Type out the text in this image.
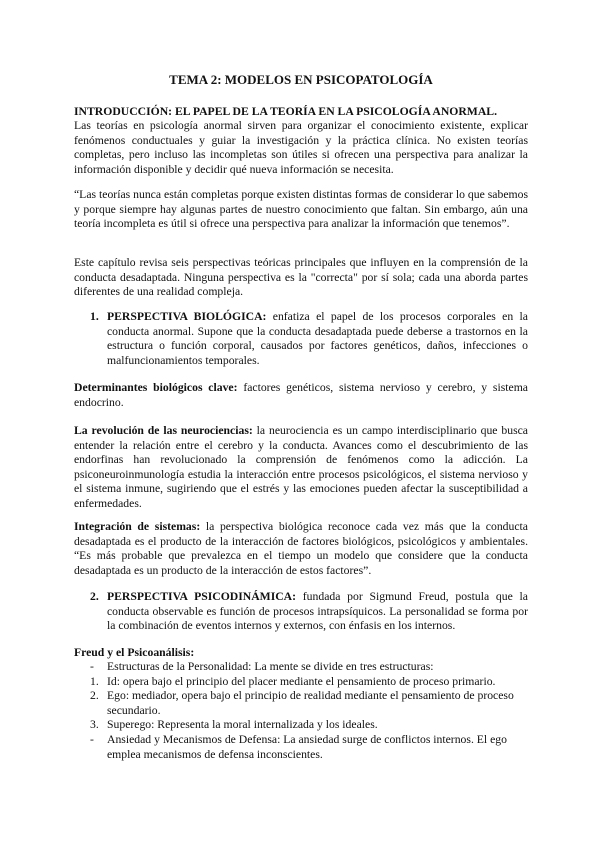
TEMA 2: MODELOS EN PSICOPATOLOGÍA
INTRODUCCIÓN: EL PAPEL DE LA TEORÍA EN LA PSICOLOGÍA ANORMAL.
Las teorías en psicología anormal sirven para organizar el conocimiento existente, explicar fenómenos conductuales y guiar la investigación y la práctica clínica. No existen teorías completas, pero incluso las incompletas son útiles si ofrecen una perspectiva para analizar la información disponible y decidir qué nueva información se necesita.
“Las teorías nunca están completas porque existen distintas formas de considerar lo que sabemos y porque siempre hay algunas partes de nuestro conocimiento que faltan. Sin embargo, aún una teoría incompleta es útil si ofrece una perspectiva para analizar la información que tenemos”.
Este capítulo revisa seis perspectivas teóricas principales que influyen en la comprensión de la conducta desadaptada. Ninguna perspectiva es la "correcta" por sí sola; cada una aborda partes diferentes de una realidad compleja.
1. PERSPECTIVA BIOLÓGICA: enfatiza el papel de los procesos corporales en la conducta anormal. Supone que la conducta desadaptada puede deberse a trastornos en la estructura o función corporal, causados por factores genéticos, daños, infecciones o malfuncionamientos temporales.
Determinantes biológicos clave: factores genéticos, sistema nervioso y cerebro, y sistema endocrino.
La revolución de las neurociencias: la neurociencia es un campo interdisciplinario que busca entender la relación entre el cerebro y la conducta. Avances como el descubrimiento de las endorfinas han revolucionado la comprensión de fenómenos como la adicción. La psiconeuroinmunología estudia la interacción entre procesos psicológicos, el sistema nervioso y el sistema inmune, sugiriendo que el estrés y las emociones pueden afectar la susceptibilidad a enfermedades.
Integración de sistemas: la perspectiva biológica reconoce cada vez más que la conducta desadaptada es el producto de la interacción de factores biológicos, psicológicos y ambientales. “Es más probable que prevalezca en el tiempo un modelo que considere que la conducta desadaptada es un producto de la interacción de estos factores”.
2. PERSPECTIVA PSICODINÁMICA: fundada por Sigmund Freud, postula que la conducta observable es función de procesos intrapsíquicos. La personalidad se forma por la combinación de eventos internos y externos, con énfasis en los internos.
Freud y el Psicoanálisis:
- Estructuras de la Personalidad: La mente se divide en tres estructuras:
1. Id: opera bajo el principio del placer mediante el pensamiento de proceso primario.
2. Ego: mediador, opera bajo el principio de realidad mediante el pensamiento de proceso secundario.
3. Superego: Representa la moral internalizada y los ideales.
- Ansiedad y Mecanismos de Defensa: La ansiedad surge de conflictos internos. El ego emplea mecanismos de defensa inconscientes.
